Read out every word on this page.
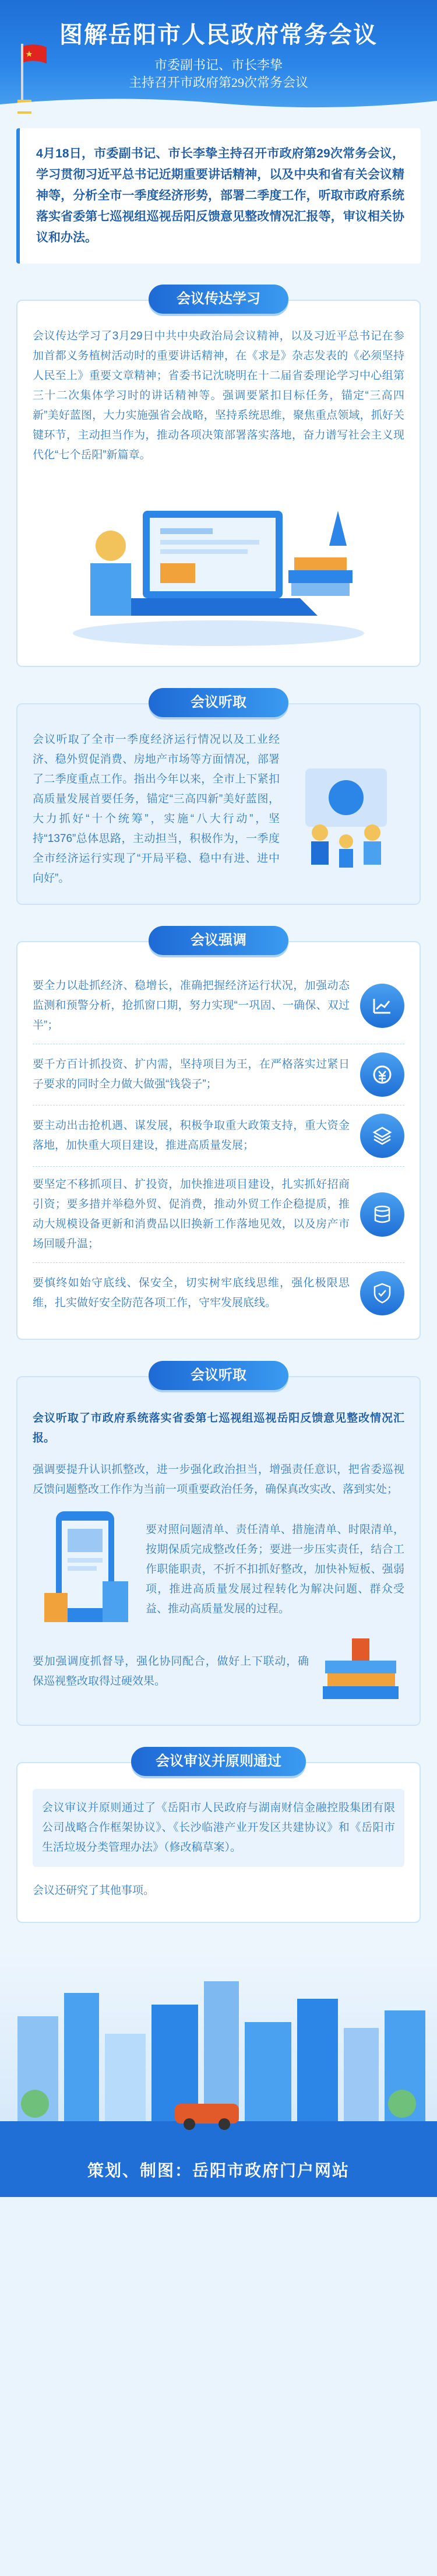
图解岳阳市人民政府常务会议
市委副书记、市长李挚
主持召开市政府第29次常务会议
4月18日，市委副书记、市长李挚主持召开市政府第29次常务会议，学习贯彻习近平总书记近期重要讲话精神，以及中央和省有关会议精神等，分析全市一季度经济形势，部署二季度工作，听取市政府系统落实省委第七巡视组巡视岳阳反馈意见整改情况汇报等，审议相关协议和办法。
会议传达学习
会议传达学习了3月29日中共中央政治局会议精神，以及习近平总书记在参加首都义务植树活动时的重要讲话精神，在《求是》杂志发表的《必须坚持人民至上》重要文章精神；省委书记沈晓明在十二届省委理论学习中心组第三十二次集体学习时的讲话精神等。强调要紧扣目标任务，锚定“三高四新”美好蓝图，大力实施强省会战略，坚持系统思维，聚焦重点领域，抓好关键环节，主动担当作为，推动各项决策部署落实落地，奋力谱写社会主义现代化“七个岳阳”新篇章。
会议听取
会议听取了全市一季度经济运行情况以及工业经济、稳外贸促消费、房地产市场等方面情况，部署了二季度重点工作。指出今年以来，全市上下紧扣高质量发展首要任务，锚定“三高四新”美好蓝图，大力抓好“十个统筹”，实施“八大行动”，坚持“1376”总体思路，主动担当，积极作为，一季度全市经济运行实现了“开局平稳、稳中有进、进中向好”。
会议强调
要全力以赴抓经济、稳增长，准确把握经济运行状况，加强动态监测和预警分析，抢抓窗口期，努力实现“一巩固、一确保、双过半”；
要千方百计抓投资、扩内需，坚持项目为王，在严格落实过紧日子要求的同时全力做大做强“钱袋子”；
要主动出击抢机遇、谋发展，积极争取重大政策支持，重大资金落地，加快重大项目建设，推进高质量发展；
要坚定不移抓项目、扩投资，加快推进项目建设，扎实抓好招商引资；要多措并举稳外贸、促消费，推动外贸工作企稳提质，推动大规模设备更新和消费品以旧换新工作落地见效，以及房产市场回暖升温；
要慎终如始守底线、保安全，切实树牢底线思维，强化极限思维，扎实做好安全防范各项工作，守牢发展底线。
会议听取
会议听取了市政府系统落实省委第七巡视组巡视岳阳反馈意见整改情况汇报。
强调要提升认识抓整改，进一步强化政治担当，增强责任意识，把省委巡视反馈问题整改工作作为当前一项重要政治任务，确保真改实改、落到实处；
要对照问题清单、责任清单、措施清单、时限清单，按期保质完成整改任务；要进一步压实责任，结合工作职能职责，不折不扣抓好整改，加快补短板、强弱项，推进高质量发展过程转化为解决问题、群众受益、推动高质量发展的过程。
要加强调度抓督导，强化协同配合，做好上下联动，确保巡视整改取得过硬效果。
会议审议并原则通过
会议审议并原则通过了《岳阳市人民政府与湖南财信金融控股集团有限公司战略合作框架协议》、《长沙临港产业开发区共建协议》和《岳阳市生活垃圾分类管理办法》（修改稿草案）。
会议还研究了其他事项。
策划、制图：岳阳市政府门户网站
